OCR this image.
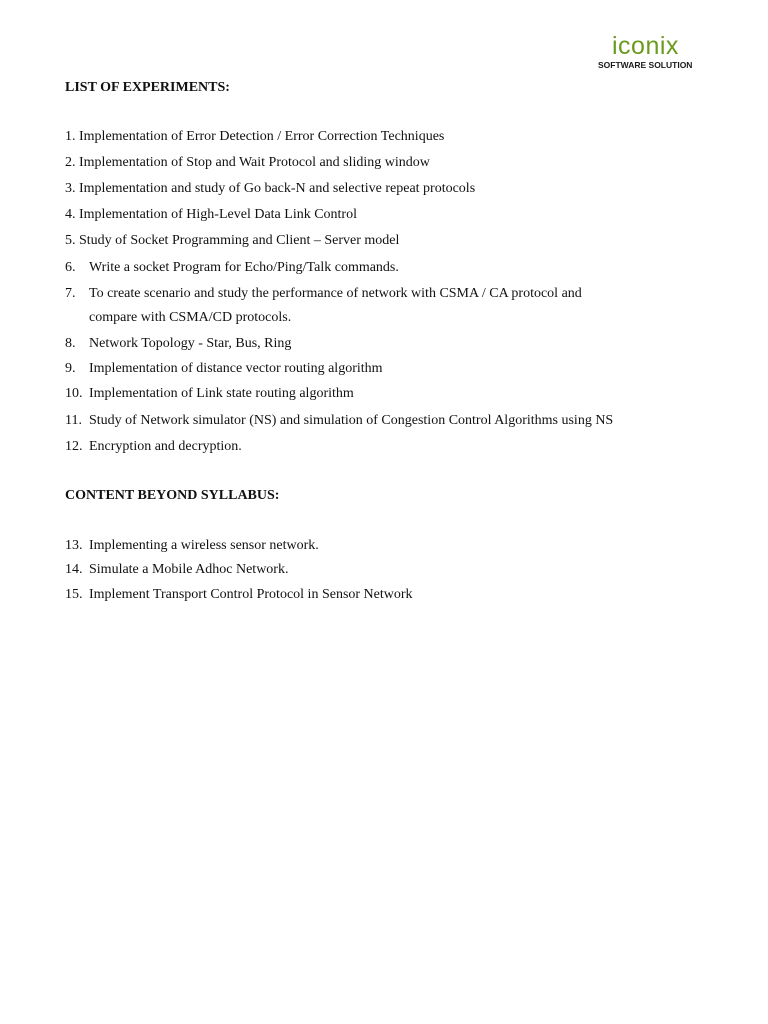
iconix
SOFTWARE SOLUTION
LIST OF EXPERIMENTS:
1. Implementation of Error Detection / Error Correction Techniques
2. Implementation of Stop and Wait Protocol and sliding window
3. Implementation and study of Go back-N and selective repeat protocols
4. Implementation of High-Level Data Link Control
5. Study of Socket Programming and Client – Server model
6. Write a socket Program for Echo/Ping/Talk commands.
7. To create scenario and study the performance of network with CSMA / CA protocol and
compare with CSMA/CD protocols.
8. Network Topology - Star, Bus, Ring
9. Implementation of distance vector routing algorithm
10. Implementation of Link state routing algorithm
11. Study of Network simulator (NS) and simulation of Congestion Control Algorithms using NS
12. Encryption and decryption.
CONTENT BEYOND SYLLABUS:
13. Implementing a wireless sensor network.
14. Simulate a Mobile Adhoc Network.
15. Implement Transport Control Protocol in Sensor Network
